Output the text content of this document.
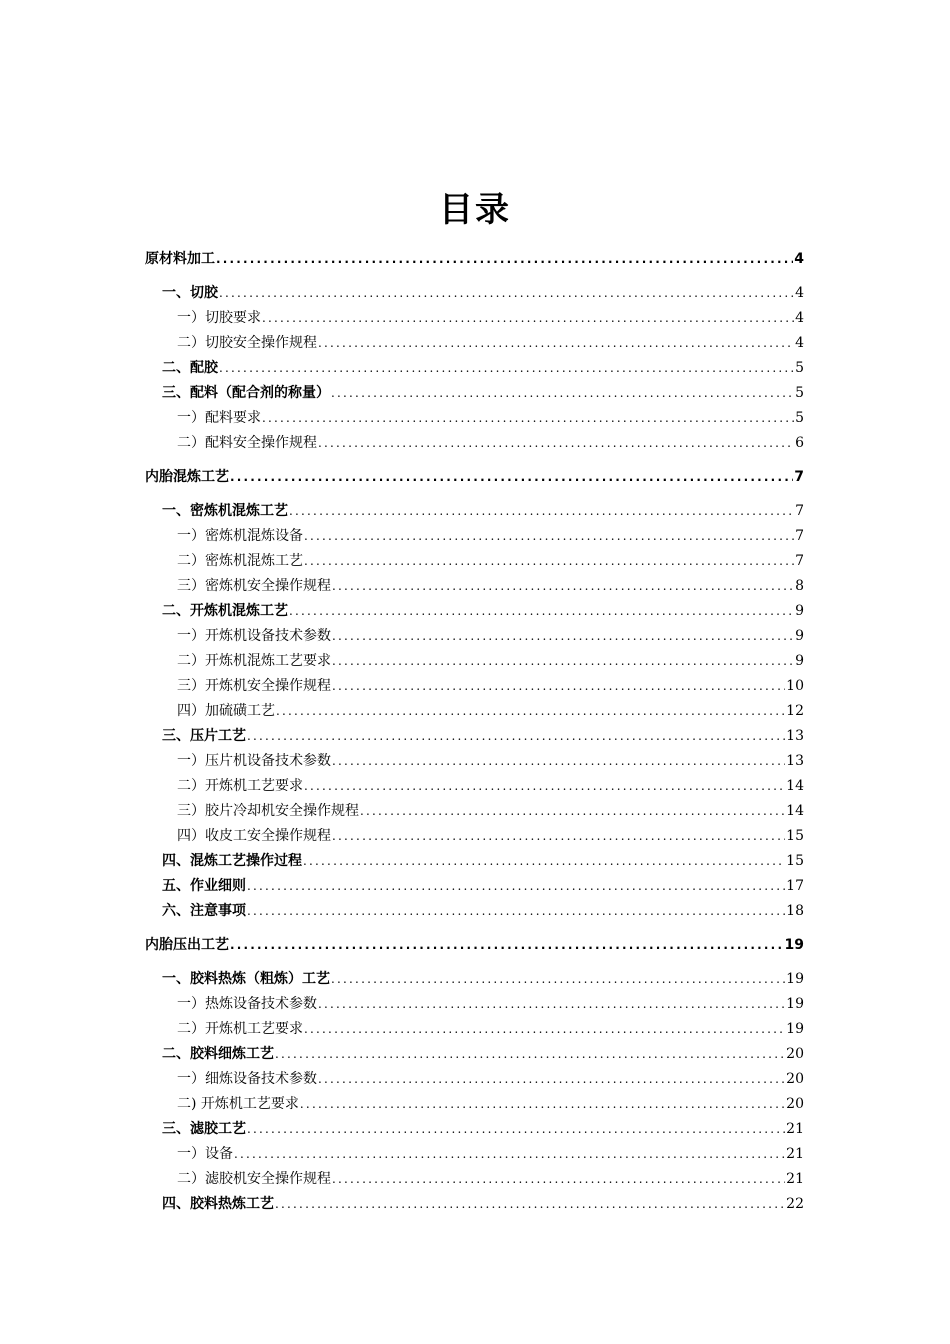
目录
原材料加工 .....	4
一、切胶 .....	4
一）切胶要求 .....	4
二）切胶安全操作规程 .....	4
二、配胶 .....	5
三、配料（配合剂的称量） .....	5
一）配料要求 .....	5
二）配料安全操作规程 .....	6
内胎混炼工艺 .....	7
一、密炼机混炼工艺 .....	7
一）密炼机混炼设备 .....	7
二）密炼机混炼工艺 .....	7
三）密炼机安全操作规程 .....	8
二、开炼机混炼工艺 .....	9
一）开炼机设备技术参数 .....	9
二）开炼机混炼工艺要求 .....	9
三）开炼机安全操作规程 .....	10
四）加硫磺工艺 .....	12
三、压片工艺 .....	13
一）压片机设备技术参数 .....	13
二）开炼机工艺要求 .....	14
三）胶片冷却机安全操作规程 .....	14
四）收皮工安全操作规程 .....	15
四、混炼工艺操作过程 .....	15
五、作业细则 .....	17
六、注意事项 .....	18
内胎压出工艺 .....	19
一、胶料热炼（粗炼）工艺 .....	19
一）热炼设备技术参数 .....	19
二）开炼机工艺要求 .....	19
二、胶料细炼工艺 .....	20
一）细炼设备技术参数 .....	20
二) 开炼机工艺要求 .....	20
三、滤胶工艺 .....	21
一）设备 .....	21
二）滤胶机安全操作规程 .....	21
四、胶料热炼工艺 .....	22
